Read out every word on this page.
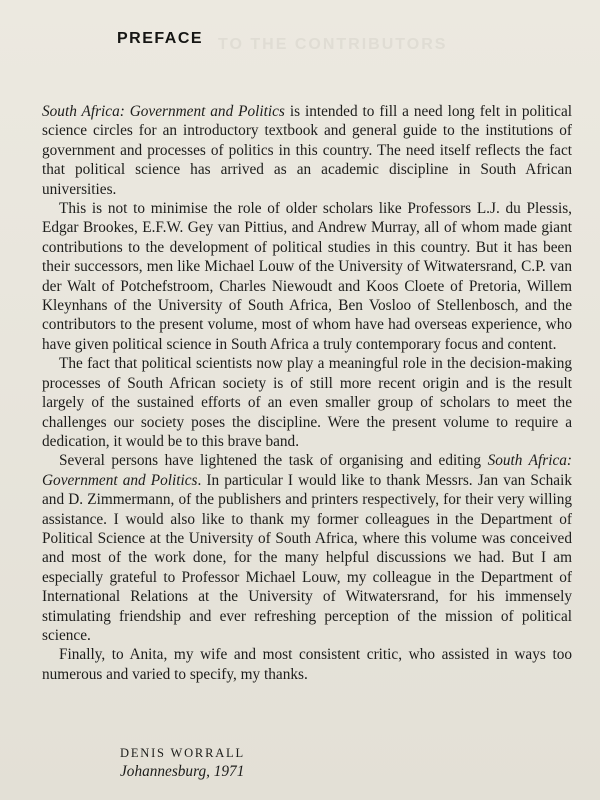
TO THE CONTRIBUTORS
PREFACE

South Africa: Government and Politics is intended to fill a need long felt in political science circles for an introductory textbook and general guide to the institutions of government and processes of politics in this country. The need itself reflects the fact that political science has arrived as an academic discipline in South African universities.

This is not to minimise the role of older scholars like Professors L.J. du Plessis, Edgar Brookes, E.F.W. Gey van Pittius, and Andrew Murray, all of whom made giant contributions to the development of political studies in this country. But it has been their successors, men like Michael Louw of the University of Witwatersrand, C.P. van der Walt of Potchefstroom, Charles Niewoudt and Koos Cloete of Pretoria, Willem Kleynhans of the University of South Africa, Ben Vosloo of Stellenbosch, and the contributors to the present volume, most of whom have had overseas experience, who have given political science in South Africa a truly contemporary focus and content.

The fact that political scientists now play a meaningful role in the decision-making processes of South African society is of still more recent origin and is the result largely of the sustained efforts of an even smaller group of scholars to meet the challenges our society poses the discipline. Were the present volume to require a dedication, it would be to this brave band.

Several persons have lightened the task of organising and editing South Africa: Government and Politics. In particular I would like to thank Messrs. Jan van Schaik and D. Zimmermann, of the publishers and printers respectively, for their very willing assistance. I would also like to thank my former colleagues in the Department of Political Science at the University of South Africa, where this volume was conceived and most of the work done, for the many helpful discussions we had. But I am especially grateful to Professor Michael Louw, my colleague in the Department of International Relations at the University of Witwatersrand, for his immensely stimulating friendship and ever refreshing perception of the mission of political science.

Finally, to Anita, my wife and most consistent critic, who assisted in ways too numerous and varied to specify, my thanks.

DENIS WORRALL
Johannesburg, 1971
